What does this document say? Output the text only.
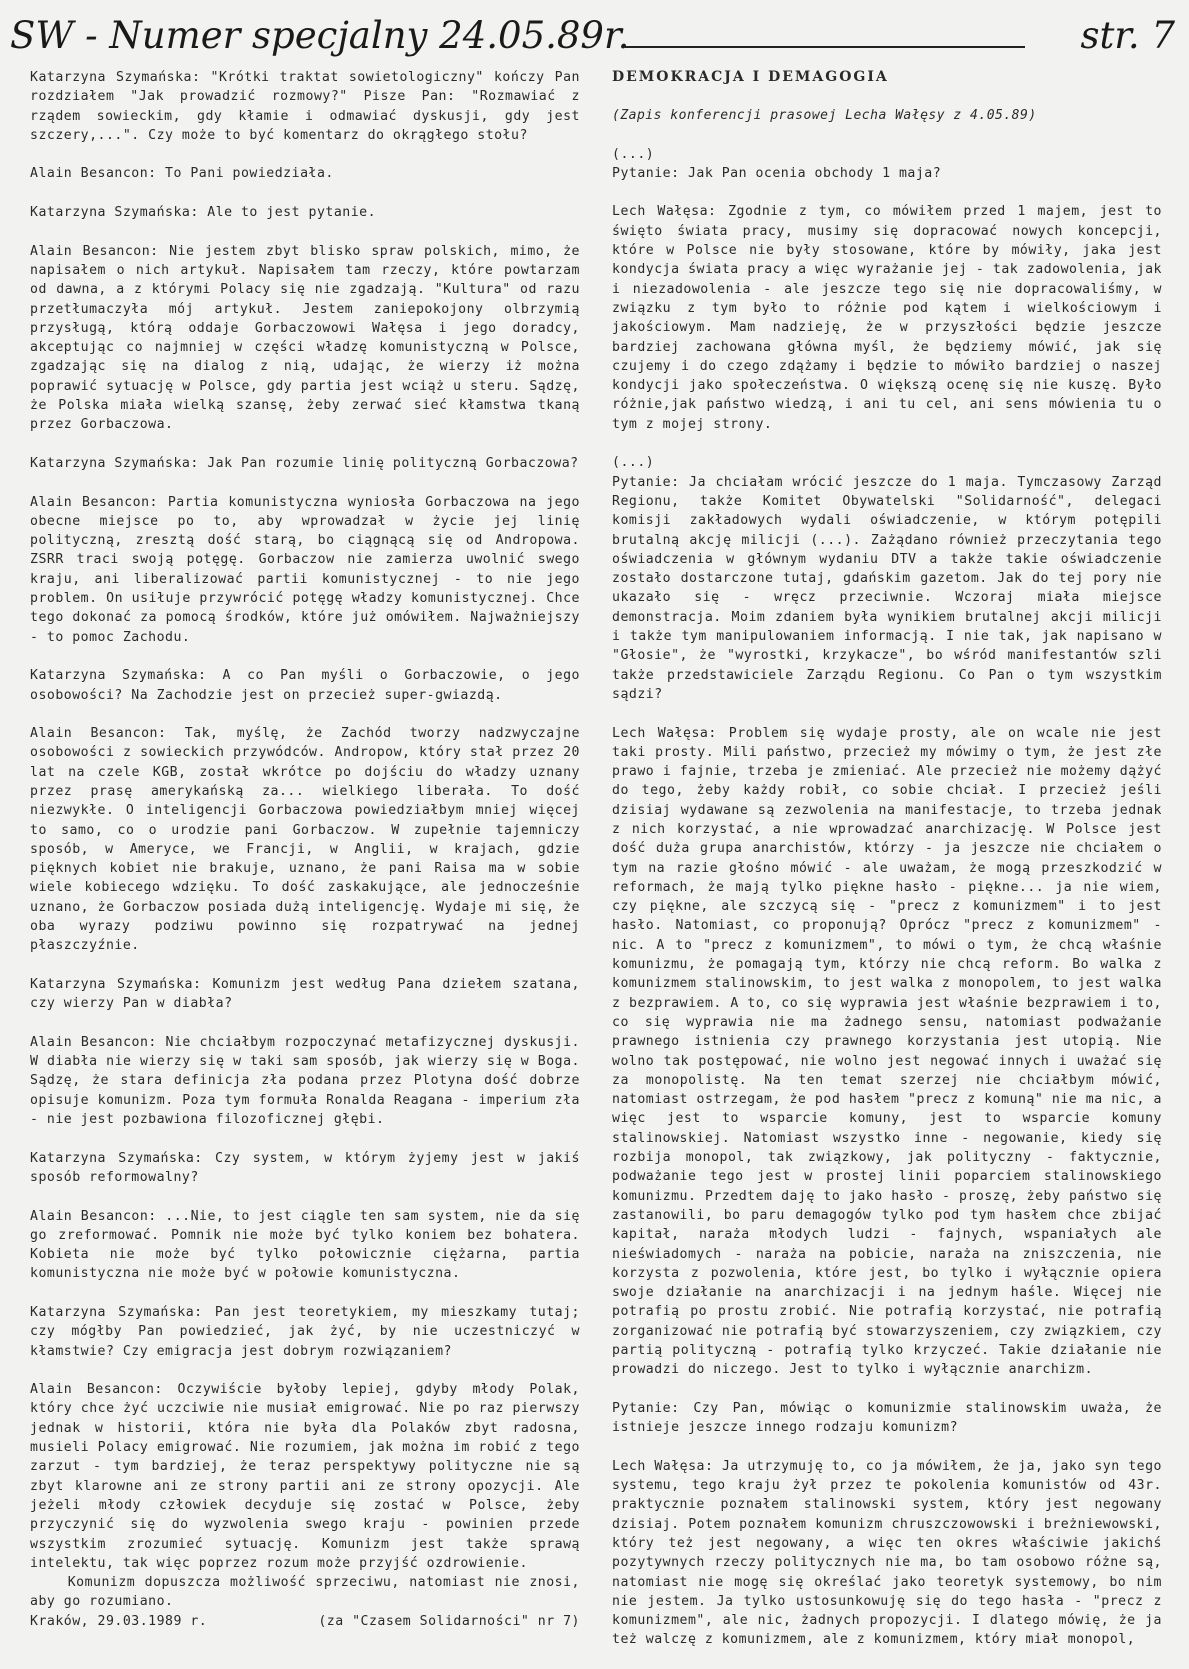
SW - Numer specjalny 24.05.89r.	str. 7

Katarzyna Szymańska: "Krótki traktat sowietologiczny" kończy Pan rozdziałem "Jak prowadzić rozmowy?" Pisze Pan: "Rozmawiać z rządem sowieckim, gdy kłamie i odmawiać dyskusji, gdy jest szczery,...". Czy może to być komentarz do okrągłego stołu?

Alain Besancon: To Pani powiedziała.

Katarzyna Szymańska: Ale to jest pytanie.

Alain Besancon: Nie jestem zbyt blisko spraw polskich, mimo, że napisałem o nich artykuł. Napisałem tam rzeczy, które powtarzam od dawna, a z którymi Polacy się nie zgadzają. "Kultura" od razu przetłumaczyła mój artykuł. Jestem zaniepokojony olbrzymią przysługą, którą oddaje Gorbaczowowi Wałęsa i jego doradcy, akceptując co najmniej w części władzę komunistyczną w Polsce, zgadzając się na dialog z nią, udając, że wierzy iż można poprawić sytuację w Polsce, gdy partia jest wciąż u steru. Sądzę, że Polska miała wielką szansę, żeby zerwać sieć kłamstwa tkaną przez Gorbaczowa.

Katarzyna Szymańska: Jak Pan rozumie linię polityczną Gorbaczowa?

Alain Besancon: Partia komunistyczna wyniosła Gorbaczowa na jego obecne miejsce po to, aby wprowadzał w życie jej linię polityczną, zresztą dość starą, bo ciągnącą się od Andropowa. ZSRR traci swoją potęgę. Gorbaczow nie zamierza uwolnić swego kraju, ani liberalizować partii komunistycznej - to nie jego problem. On usiłuje przywrócić potęgę władzy komunistycznej. Chce tego dokonać za pomocą środków, które już omówiłem. Najważniejszy - to pomoc Zachodu.

Katarzyna Szymańska: A co Pan myśli o Gorbaczowie, o jego osobowości? Na Zachodzie jest on przecież super-gwiazdą.

Alain Besancon: Tak, myślę, że Zachód tworzy nadzwyczajne osobowości z sowieckich przywódców. Andropow, który stał przez 20 lat na czele KGB, został wkrótce po dojściu do władzy uznany przez prasę amerykańską za... wielkiego liberała. To dość niezwykłe. O inteligencji Gorbaczowa powiedziałbym mniej więcej to samo, co o urodzie pani Gorbaczow. W zupełnie tajemniczy sposób, w Ameryce, we Francji, w Anglii, w krajach, gdzie pięknych kobiet nie brakuje, uznano, że pani Raisa ma w sobie wiele kobiecego wdzięku. To dość zaskakujące, ale jednocześnie uznano, że Gorbaczow posiada dużą inteligencję. Wydaje mi się, że oba wyrazy podziwu powinno się rozpatrywać na jednej płaszczyźnie.

Katarzyna Szymańska: Komunizm jest według Pana dziełem szatana, czy wierzy Pan w diabła?

Alain Besancon: Nie chciałbym rozpoczynać metafizycznej dyskusji. W diabła nie wierzy się w taki sam sposób, jak wierzy się w Boga. Sądzę, że stara definicja zła podana przez Plotyna dość dobrze opisuje komunizm. Poza tym formuła Ronalda Reagana - imperium zła - nie jest pozbawiona filozoficznej głębi.

Katarzyna Szymańska: Czy system, w którym żyjemy jest w jakiś sposób reformowalny?

Alain Besancon: ...Nie, to jest ciągle ten sam system, nie da się go zreformować. Pomnik nie może być tylko koniem bez bohatera. Kobieta nie może być tylko połowicznie ciężarna, partia komunistyczna nie może być w połowie komunistyczna.

Katarzyna Szymańska: Pan jest teoretykiem, my mieszkamy tutaj; czy mógłby Pan powiedzieć, jak żyć, by nie uczestniczyć w kłamstwie? Czy emigracja jest dobrym rozwiązaniem?

Alain Besancon: Oczywiście byłoby lepiej, gdyby młody Polak, który chce żyć uczciwie nie musiał emigrować. Nie po raz pierwszy jednak w historii, która nie była dla Polaków zbyt radosna, musieli Polacy emigrować. Nie rozumiem, jak można im robić z tego zarzut - tym bardziej, że teraz perspektywy polityczne nie są zbyt klarowne ani ze strony partii ani ze strony opozycji. Ale jeżeli młody człowiek decyduje się zostać w Polsce, żeby przyczynić się do wyzwolenia swego kraju - powinien przede wszystkim zrozumieć sytuację. Komunizm jest także sprawą intelektu, tak więc poprzez rozum może przyjść ozdrowienie.
Komunizm dopuszcza możliwość sprzeciwu, natomiast nie znosi, aby go rozumiano.

Kraków, 29.03.1989 r.	(za "Czasem Solidarności" nr 7)

DEMOKRACJA I DEMAGOGIA

(Zapis konferencji prasowej Lecha Wałęsy z 4.05.89)

(...)
Pytanie: Jak Pan ocenia obchody 1 maja?

Lech Wałęsa: Zgodnie z tym, co mówiłem przed 1 majem, jest to święto świata pracy, musimy się dopracować nowych koncepcji, które w Polsce nie były stosowane, które by mówiły, jaka jest kondycja świata pracy a więc wyrażanie jej - tak zadowolenia, jak i niezadowolenia - ale jeszcze tego się nie dopracowaliśmy, w związku z tym było to różnie pod kątem i wielkościowym i jakościowym. Mam nadzieję, że w przyszłości będzie jeszcze bardziej zachowana główna myśl, że będziemy mówić, jak się czujemy i do czego zdążamy i będzie to mówiło bardziej o naszej kondycji jako społeczeństwa. O większą ocenę się nie kuszę. Było różnie,jak państwo wiedzą, i ani tu cel, ani sens mówienia tu o tym z mojej strony.

(...)
Pytanie: Ja chciałam wrócić jeszcze do 1 maja. Tymczasowy Zarząd Regionu, także Komitet Obywatelski "Solidarność", delegaci komisji zakładowych wydali oświadczenie, w którym potępili brutalną akcję milicji (...). Zażądano również przeczytania tego oświadczenia w głównym wydaniu DTV a także takie oświadczenie zostało dostarczone tutaj, gdańskim gazetom. Jak do tej pory nie ukazało się - wręcz przeciwnie. Wczoraj miała miejsce demonstracja. Moim zdaniem była wynikiem brutalnej akcji milicji i także tym manipulowaniem informacją. I nie tak, jak napisano w "Głosie", że "wyrostki, krzykacze", bo wśród manifestantów szli także przedstawiciele Zarządu Regionu. Co Pan o tym wszystkim sądzi?

Lech Wałęsa: Problem się wydaje prosty, ale on wcale nie jest taki prosty. Mili państwo, przecież my mówimy o tym, że jest złe prawo i fajnie, trzeba je zmieniać. Ale przecież nie możemy dążyć do tego, żeby każdy robił, co sobie chciał. I przecież jeśli dzisiaj wydawane są zezwolenia na manifestacje, to trzeba jednak z nich korzystać, a nie wprowadzać anarchizację. W Polsce jest dość duża grupa anarchistów, którzy - ja jeszcze nie chciałem o tym na razie głośno mówić - ale uważam, że mogą przeszkodzić w reformach, że mają tylko piękne hasło - piękne... ja nie wiem, czy piękne, ale szczycą się - "precz z komunizmem" i to jest hasło. Natomiast, co proponują? Oprócz "precz z komunizmem" - nic. A to "precz z komunizmem", to mówi o tym, że chcą właśnie komunizmu, że pomagają tym, którzy nie chcą reform. Bo walka z komunizmem stalinowskim, to jest walka z monopolem, to jest walka z bezprawiem. A to, co się wyprawia jest właśnie bezprawiem i to, co się wyprawia nie ma żadnego sensu, natomiast podważanie prawnego istnienia czy prawnego korzystania jest utopią. Nie wolno tak postępować, nie wolno jest negować innych i uważać się za monopolistę. Na ten temat szerzej nie chciałbym mówić, natomiast ostrzegam, że pod hasłem "precz z komuną" nie ma nic, a więc jest to wsparcie komuny, jest to wsparcie komuny stalinowskiej. Natomiast wszystko inne - negowanie, kiedy się rozbija monopol, tak związkowy, jak polityczny - faktycznie, podważanie tego jest w prostej linii poparciem stalinowskiego komunizmu. Przedtem daję to jako hasło - proszę, żeby państwo się zastanowili, bo paru demagogów tylko pod tym hasłem chce zbijać kapitał, naraża młodych ludzi - fajnych, wspaniałych ale nieświadomych - naraża na pobicie, naraża na zniszczenia, nie korzysta z pozwolenia, które jest, bo tylko i wyłącznie opiera swoje działanie na anarchizacji i na jednym haśle. Więcej nie potrafią po prostu zrobić. Nie potrafią korzystać, nie potrafią zorganizować nie potrafią być stowarzyszeniem, czy związkiem, czy partią polityczną - potrafią tylko krzyczeć. Takie działanie nie prowadzi do niczego. Jest to tylko i wyłącznie anarchizm.

Pytanie: Czy Pan, mówiąc o komunizmie stalinowskim uważa, że istnieje jeszcze innego rodzaju komunizm?

Lech Wałęsa: Ja utrzymuję to, co ja mówiłem, że ja, jako syn tego systemu, tego kraju żył przez te pokolenia komunistów od 43r. praktycznie poznałem stalinowski system, który jest negowany dzisiaj. Potem poznałem komunizm chruszczowowski i breżniewowski, który też jest negowany, a więc ten okres właściwie jakichś pozytywnych rzeczy politycznych nie ma, bo tam osobowo różne są, natomiast nie mogę się określać jako teoretyk systemowy, bo nim nie jestem. Ja tylko ustosunkowuję się do tego hasła - "precz z komunizmem", ale nic, żadnych propozycji. I dlatego mówię, że ja też walczę z komunizmem, ale z komunizmem, który miał monopol,
